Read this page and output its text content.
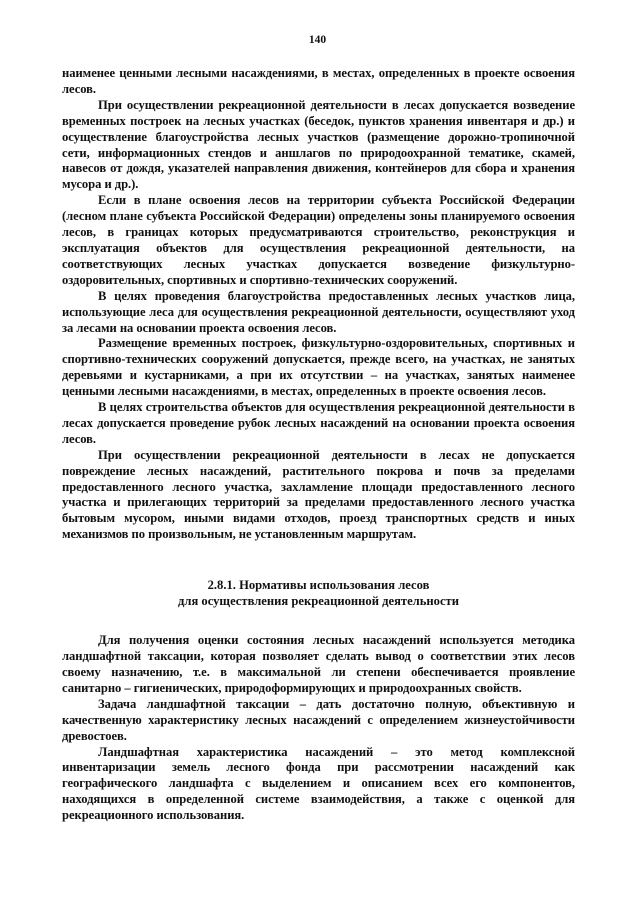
140

наименее ценными лесными насаждениями, в местах, определенных в проекте освоения лесов.

При осуществлении рекреационной деятельности в лесах допускается возведение временных построек на лесных участках (беседок, пунктов хранения инвентаря и др.) и осуществление благоустройства лесных участков (размещение дорожно-тропиночной сети, информационных стендов и аншлагов по природоохранной тематике, скамей, навесов от дождя, указателей направления движения, контейнеров для сбора и хранения мусора и др.).

Если в плане освоения лесов на территории субъекта Российской Федерации (лесном плане субъекта Российской Федерации) определены зоны планируемого освоения лесов, в границах которых предусматриваются строительство, реконструкция и эксплуатация объектов для осуществления рекреационной деятельности, на соответствующих лесных участках допускается возведение физкультурно-оздоровительных, спортивных и спортивно-технических сооружений.

В целях проведения благоустройства предоставленных лесных участков лица, использующие леса для осуществления рекреационной деятельности, осуществляют уход за лесами на основании проекта освоения лесов.

Размещение временных построек, физкультурно-оздоровительных, спортивных и спортивно-технических сооружений допускается, прежде всего, на участках, не занятых деревьями и кустарниками, а при их отсутствии – на участках, занятых наименее ценными лесными насаждениями, в местах, определенных в проекте освоения лесов.

В целях строительства объектов для осуществления рекреационной деятельности в лесах допускается проведение рубок лесных насаждений на основании проекта освоения лесов.

При осуществлении рекреационной деятельности в лесах не допускается повреждение лесных насаждений, растительного покрова и почв за пределами предоставленного лесного участка, захламление площади предоставленного лесного участка и прилегающих территорий за пределами предоставленного лесного участка бытовым мусором, иными видами отходов, проезд транспортных средств и иных механизмов по произвольным, не установленным маршрутам.

2.8.1. Нормативы использования лесов
для осуществления рекреационной деятельности

Для получения оценки состояния лесных насаждений используется методика ландшафтной таксации, которая позволяет сделать вывод о соответствии этих лесов своему назначению, т.е. в максимальной ли степени обеспечивается проявление санитарно – гигиенических, природоформирующих и природоохранных свойств.

Задача ландшафтной таксации – дать достаточно полную, объективную и качественную характеристику лесных насаждений с определением жизнеустойчивости древостоев.

Ландшафтная характеристика насаждений – это метод комплексной инвентаризации земель лесного фонда при рассмотрении насаждений как географического ландшафта с выделением и описанием всех его компонентов, находящихся в определенной системе взаимодействия, а также с оценкой для рекреационного использования.
